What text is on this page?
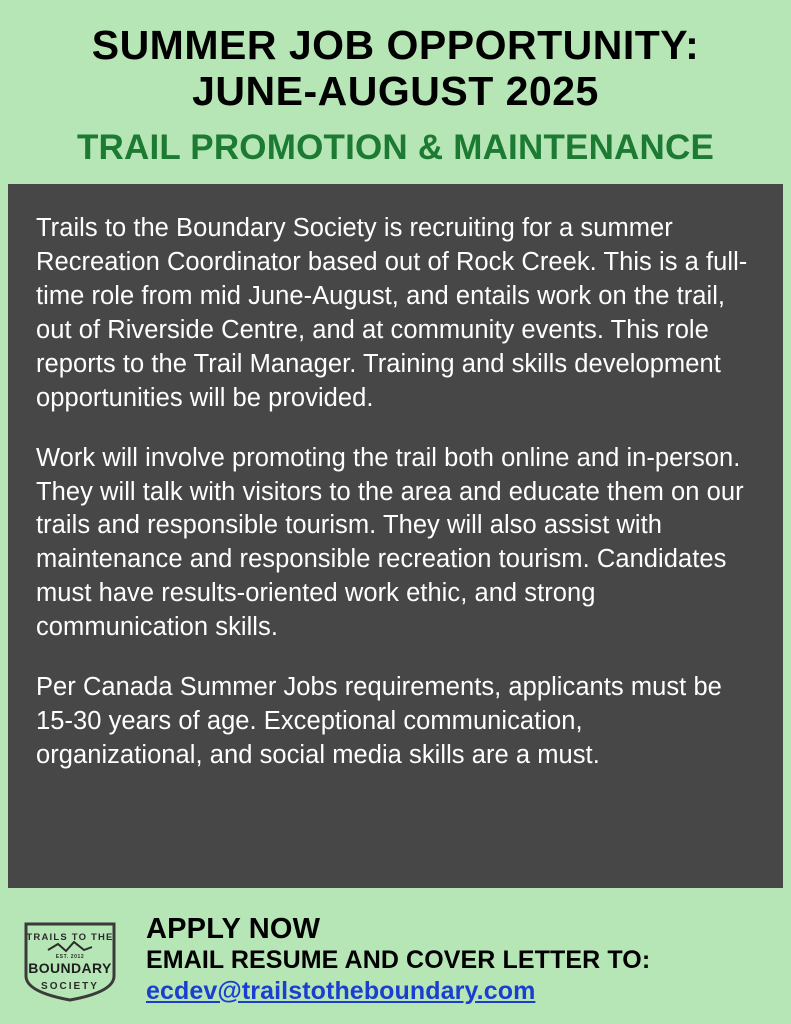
SUMMER JOB OPPORTUNITY:
JUNE-AUGUST 2025
TRAIL PROMOTION & MAINTENANCE

Trails to the Boundary Society is recruiting for a summer Recreation Coordinator based out of Rock Creek. This is a full-time role from mid June-August, and entails work on the trail, out of Riverside Centre, and at community events. This role reports to the Trail Manager. Training and skills development opportunities will be provided.

Work will involve promoting the trail both online and in-person. They will talk with visitors to the area and educate them on our trails and responsible tourism. They will also assist with maintenance and responsible recreation tourism. Candidates must have results-oriented work ethic, and strong communication skills.

Per Canada Summer Jobs requirements, applicants must be 15-30 years of age. Exceptional communication, organizational, and social media skills are a must.

TRAILS TO THE
EST. 2012
BOUNDARY
SOCIETY
APPLY NOW
EMAIL RESUME AND COVER LETTER TO:
ecdev@trailstotheboundary.com
